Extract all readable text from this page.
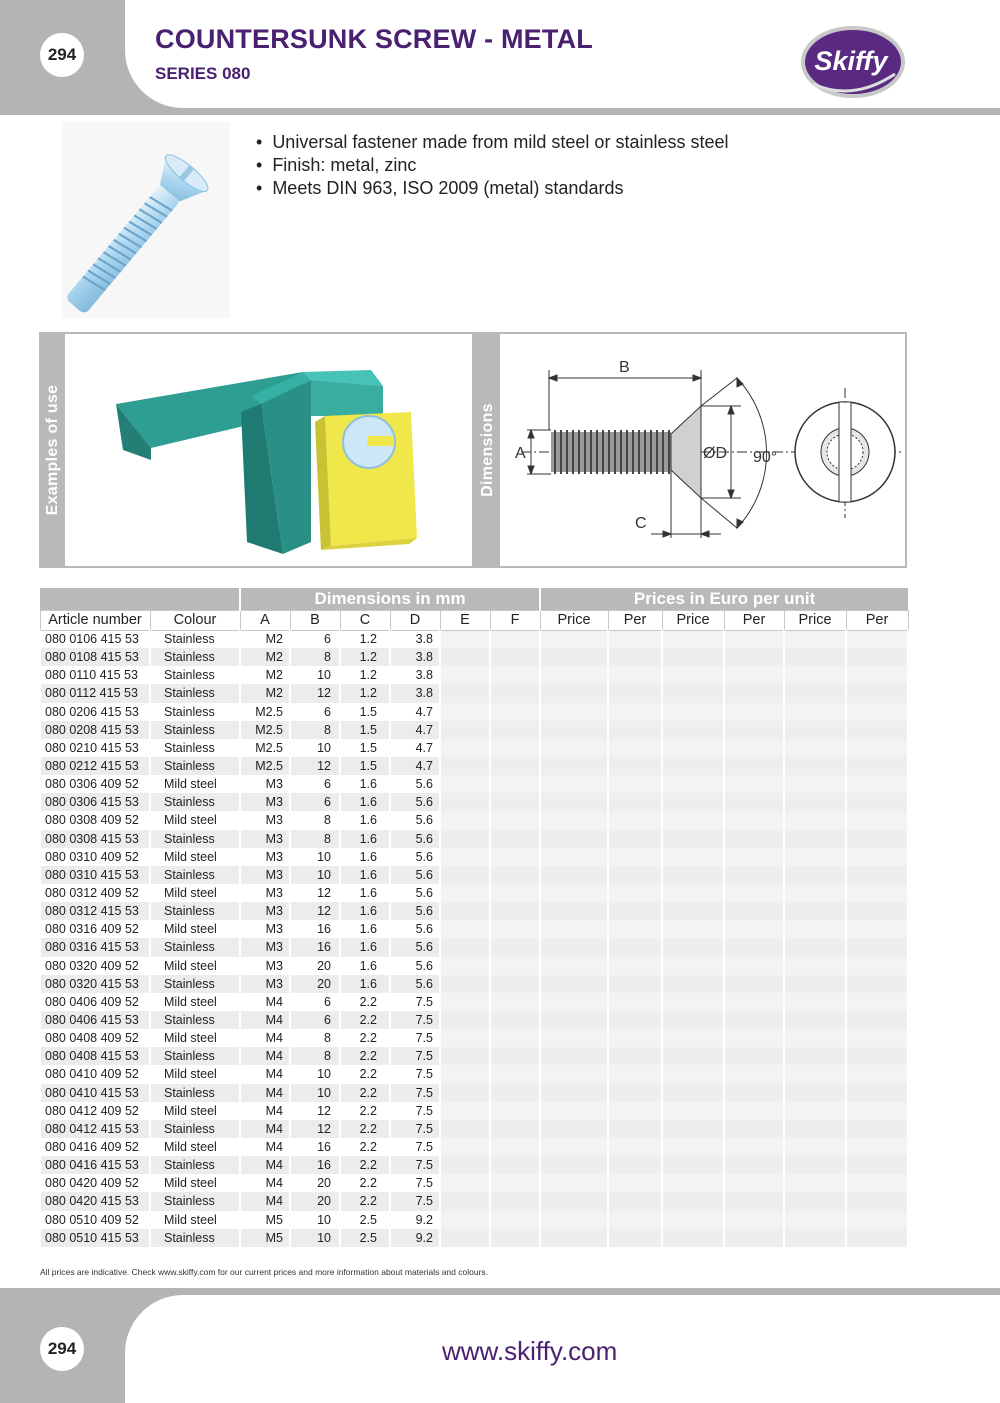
294
COUNTERSUNK SCREW - METAL
SERIES 080	Skiffy
• Universal fastener made from mild steel or stainless steel
• Finish: metal, zinc
• Meets DIN 963, ISO 2009 (metal) standards
Examples of use	Dimensions
B
A	ØD 90°
C
		Dimensions in mm						Prices in Euro per unit					
Article number	Colour	A	B	C	D	E	F	Price	Per	Price	Per	Price	Per
080 0106 415 53	Stainless	M2	6	1.2	3.8								
080 0108 415 53	Stainless	M2	8	1.2	3.8								
080 0110 415 53	Stainless	M2	10	1.2	3.8								
080 0112 415 53	Stainless	M2	12	1.2	3.8								
080 0206 415 53	Stainless	M2.5	6	1.5	4.7								
080 0208 415 53	Stainless	M2.5	8	1.5	4.7								
080 0210 415 53	Stainless	M2.5	10	1.5	4.7								
080 0212 415 53	Stainless	M2.5	12	1.5	4.7								
080 0306 409 52	Mild steel	M3	6	1.6	5.6								
080 0306 415 53	Stainless	M3	6	1.6	5.6								
080 0308 409 52	Mild steel	M3	8	1.6	5.6								
080 0308 415 53	Stainless	M3	8	1.6	5.6								
080 0310 409 52	Mild steel	M3	10	1.6	5.6								
080 0310 415 53	Stainless	M3	10	1.6	5.6								
080 0312 409 52	Mild steel	M3	12	1.6	5.6								
080 0312 415 53	Stainless	M3	12	1.6	5.6								
080 0316 409 52	Mild steel	M3	16	1.6	5.6								
080 0316 415 53	Stainless	M3	16	1.6	5.6								
080 0320 409 52	Mild steel	M3	20	1.6	5.6								
080 0320 415 53	Stainless	M3	20	1.6	5.6								
080 0406 409 52	Mild steel	M4	6	2.2	7.5								
080 0406 415 53	Stainless	M4	6	2.2	7.5								
080 0408 409 52	Mild steel	M4	8	2.2	7.5								
080 0408 415 53	Stainless	M4	8	2.2	7.5								
080 0410 409 52	Mild steel	M4	10	2.2	7.5								
080 0410 415 53	Stainless	M4	10	2.2	7.5								
080 0412 409 52	Mild steel	M4	12	2.2	7.5								
080 0412 415 53	Stainless	M4	12	2.2	7.5								
080 0416 409 52	Mild steel	M4	16	2.2	7.5								
080 0416 415 53	Stainless	M4	16	2.2	7.5								
080 0420 409 52	Mild steel	M4	20	2.2	7.5								
080 0420 415 53	Stainless	M4	20	2.2	7.5								
080 0510 409 52	Mild steel	M5	10	2.5	9.2								
080 0510 415 53	Stainless	M5	10	2.5	9.2								
All prices are indicative. Check www.skiffy.com for our current prices and more information about materials and colours.
294	www.skiffy.com
